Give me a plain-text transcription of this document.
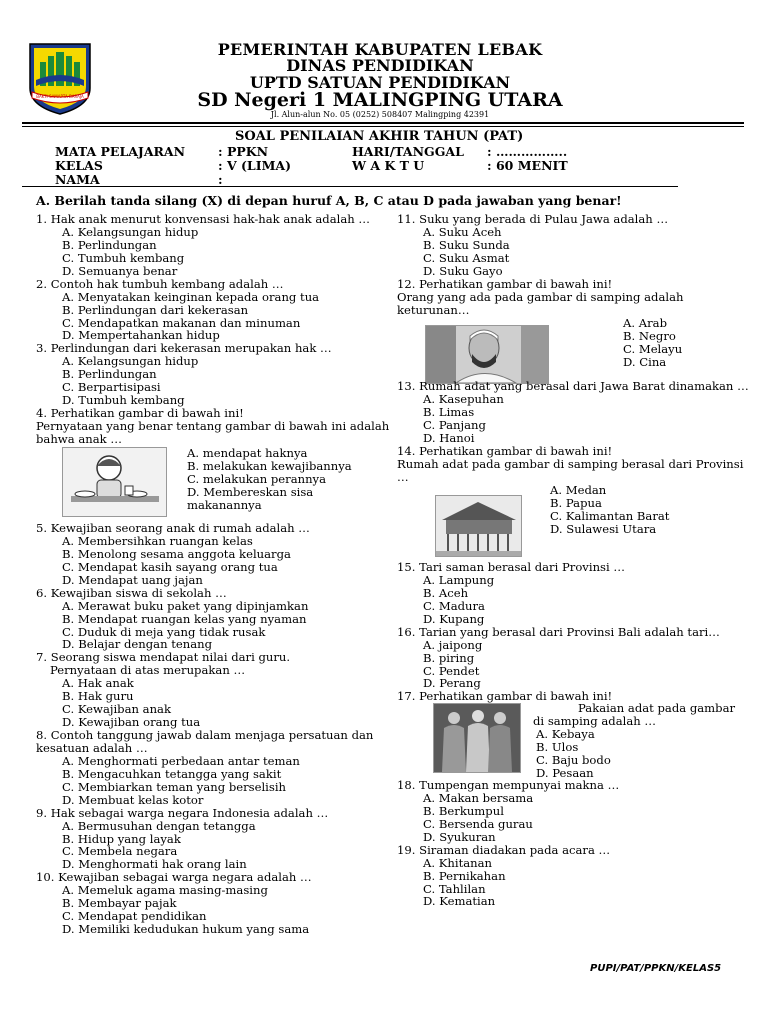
BAKTI SAMAPTA BARAJA
PEMERINTAH KABUPATEN LEBAK
DINAS PENDIDIKAN
UPTD SATUAN PENDIDIKAN
SD Negeri 1 MALINGPING UTARA
Jl. Alun-alun No. 05 (0252) 508407 Malingping 42391
SOAL PENILAIAN AKHIR TAHUN (PAT)
MATA PELAJARAN	: PPKN
KELAS	: V (LIMA)
NAMA	:
HARI/TANGGAL : ……………..
W A K T U	: 60 MENIT
A. Berilah tanda silang (X) di depan huruf A, B, C atau D pada jawaban yang benar!
1. Hak anak menurut konvensasi hak-hak anak adalah …
A. Kelangsungan hidup
B. Perlindungan
C. Tumbuh kembang
D. Semuanya benar
2. Contoh hak tumbuh kembang adalah …
A. Menyatakan keinginan kepada orang tua
B. Perlindungan dari kekerasan
C. Mendapatkan makanan dan minuman
D. Mempertahankan hidup
3. Perlindungan dari kekerasan merupakan hak …
A. Kelangsungan hidup
B. Perlindungan
C. Berpartisipasi
D. Tumbuh kembang
4. Perhatikan gambar di bawah ini!
Pernyataan yang benar tentang gambar di bawah ini adalah
bahwa anak …
A. mendapat haknya
B. melakukan kewajibannya
C. melakukan perannya
D. Membereskan sisa
makanannya
5. Kewajiban seorang anak di rumah adalah …
A. Membersihkan ruangan kelas
B. Menolong sesama anggota keluarga
C. Mendapat kasih sayang orang tua
D. Mendapat uang jajan
6. Kewajiban siswa di sekolah …
A. Merawat buku paket yang dipinjamkan
B. Mendapat ruangan kelas yang nyaman
C. Duduk di meja yang tidak rusak
D. Belajar dengan tenang
7. Seorang siswa mendapat nilai dari guru.
Pernyataan di atas merupakan …
A. Hak anak
B. Hak guru
C. Kewajiban anak
D. Kewajiban orang tua
8. Contoh tanggung jawab dalam menjaga persatuan dan
kesatuan adalah …
A. Menghormati perbedaan antar teman
B. Mengacuhkan tetangga yang sakit
C. Membiarkan teman yang berselisih
D. Membuat kelas kotor
9. Hak sebagai warga negara Indonesia adalah …
A. Bermusuhan dengan tetangga
B. Hidup yang layak
C. Membela negara
D. Menghormati hak orang lain
10. Kewajiban sebagai warga negara adalah …
A. Memeluk agama masing-masing
B. Membayar pajak
C. Mendapat pendidikan
D. Memiliki kedudukan hukum yang sama
11. Suku yang berada di Pulau Jawa adalah …
A. Suku Aceh
B. Suku Sunda
C. Suku Asmat
D. Suku Gayo
12. Perhatikan gambar di bawah ini!
Orang yang ada pada gambar di samping adalah
keturunan…
A. Arab
B. Negro
C. Melayu
D. Cina
13. Rumah adat yang berasal dari Jawa Barat dinamakan …
A. Kasepuhan
B. Limas
C. Panjang
D. Hanoi
14. Perhatikan gambar di bawah ini!
Rumah adat pada gambar di samping berasal dari Provinsi
…
A. Medan
B. Papua
C. Kalimantan Barat
D. Sulawesi Utara
15. Tari saman berasal dari Provinsi …
A. Lampung
B. Aceh
C. Madura
D. Kupang
16. Tarian yang berasal dari Provinsi Bali adalah tari…
A. jaipong
B. piring
C. Pendet
D. Perang
17. Perhatikan gambar di bawah ini!
Pakaian adat pada gambar
di samping adalah …
A. Kebaya
B. Ulos
C. Baju bodo
D. Pesaan
18. Tumpengan mempunyai makna …
A. Makan bersama
B. Berkumpul
C. Bersenda gurau
D. Syukuran
19. Siraman diadakan pada acara …
A. Khitanan
B. Pernikahan
C. Tahlilan
D. Kematian
PUPI/PAT/PPKN/KELAS5
